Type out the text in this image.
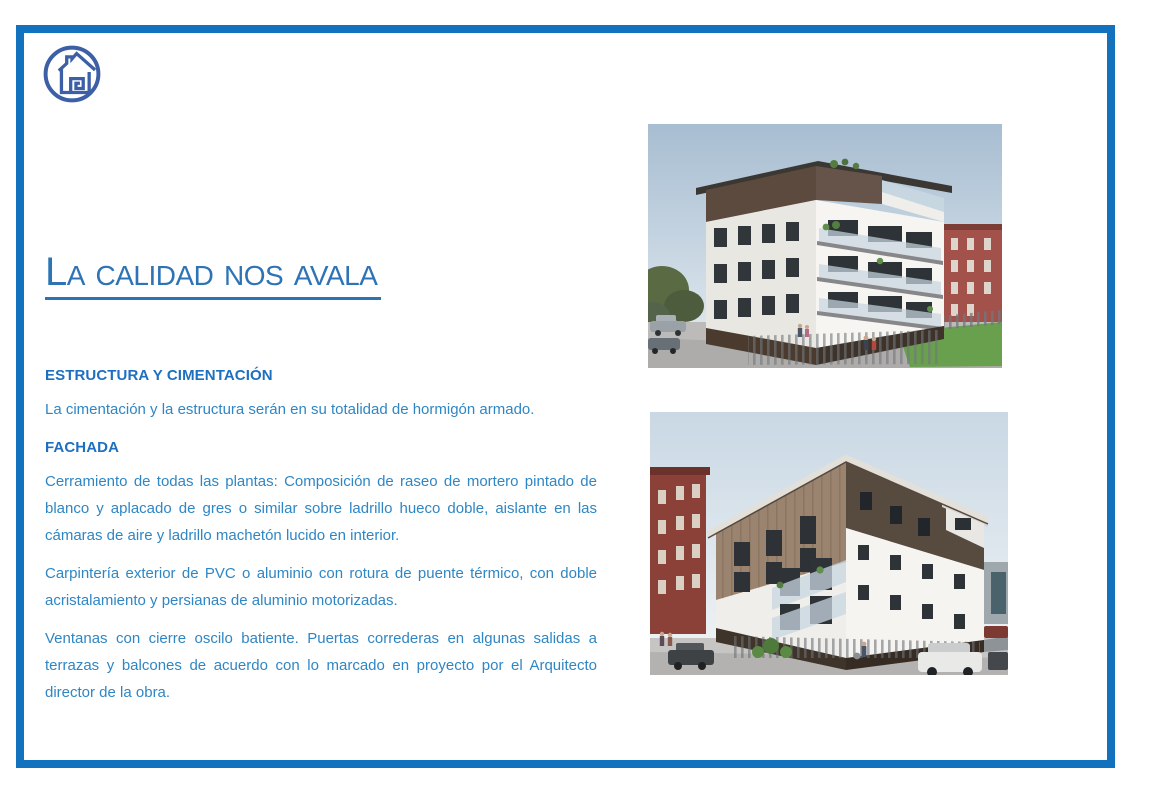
La calidad nos avala
ESTRUCTURA Y CIMENTACIÓN

La cimentación y la estructura serán en su totalidad de hormigón armado.

FACHADA

Cerramiento de todas las plantas: Composición de raseo de mortero pintado de blanco y aplacado de gres o similar sobre ladrillo hueco doble, aislante en las cámaras de aire y ladrillo machetón lucido en interior.

Carpintería exterior de PVC o aluminio con rotura de puente térmico, con doble acristalamiento y persianas de aluminio motorizadas.

Ventanas con cierre oscilo batiente. Puertas correderas en algunas salidas a terrazas y balcones de acuerdo con lo marcado en proyecto por el Arquitecto director de la obra.
